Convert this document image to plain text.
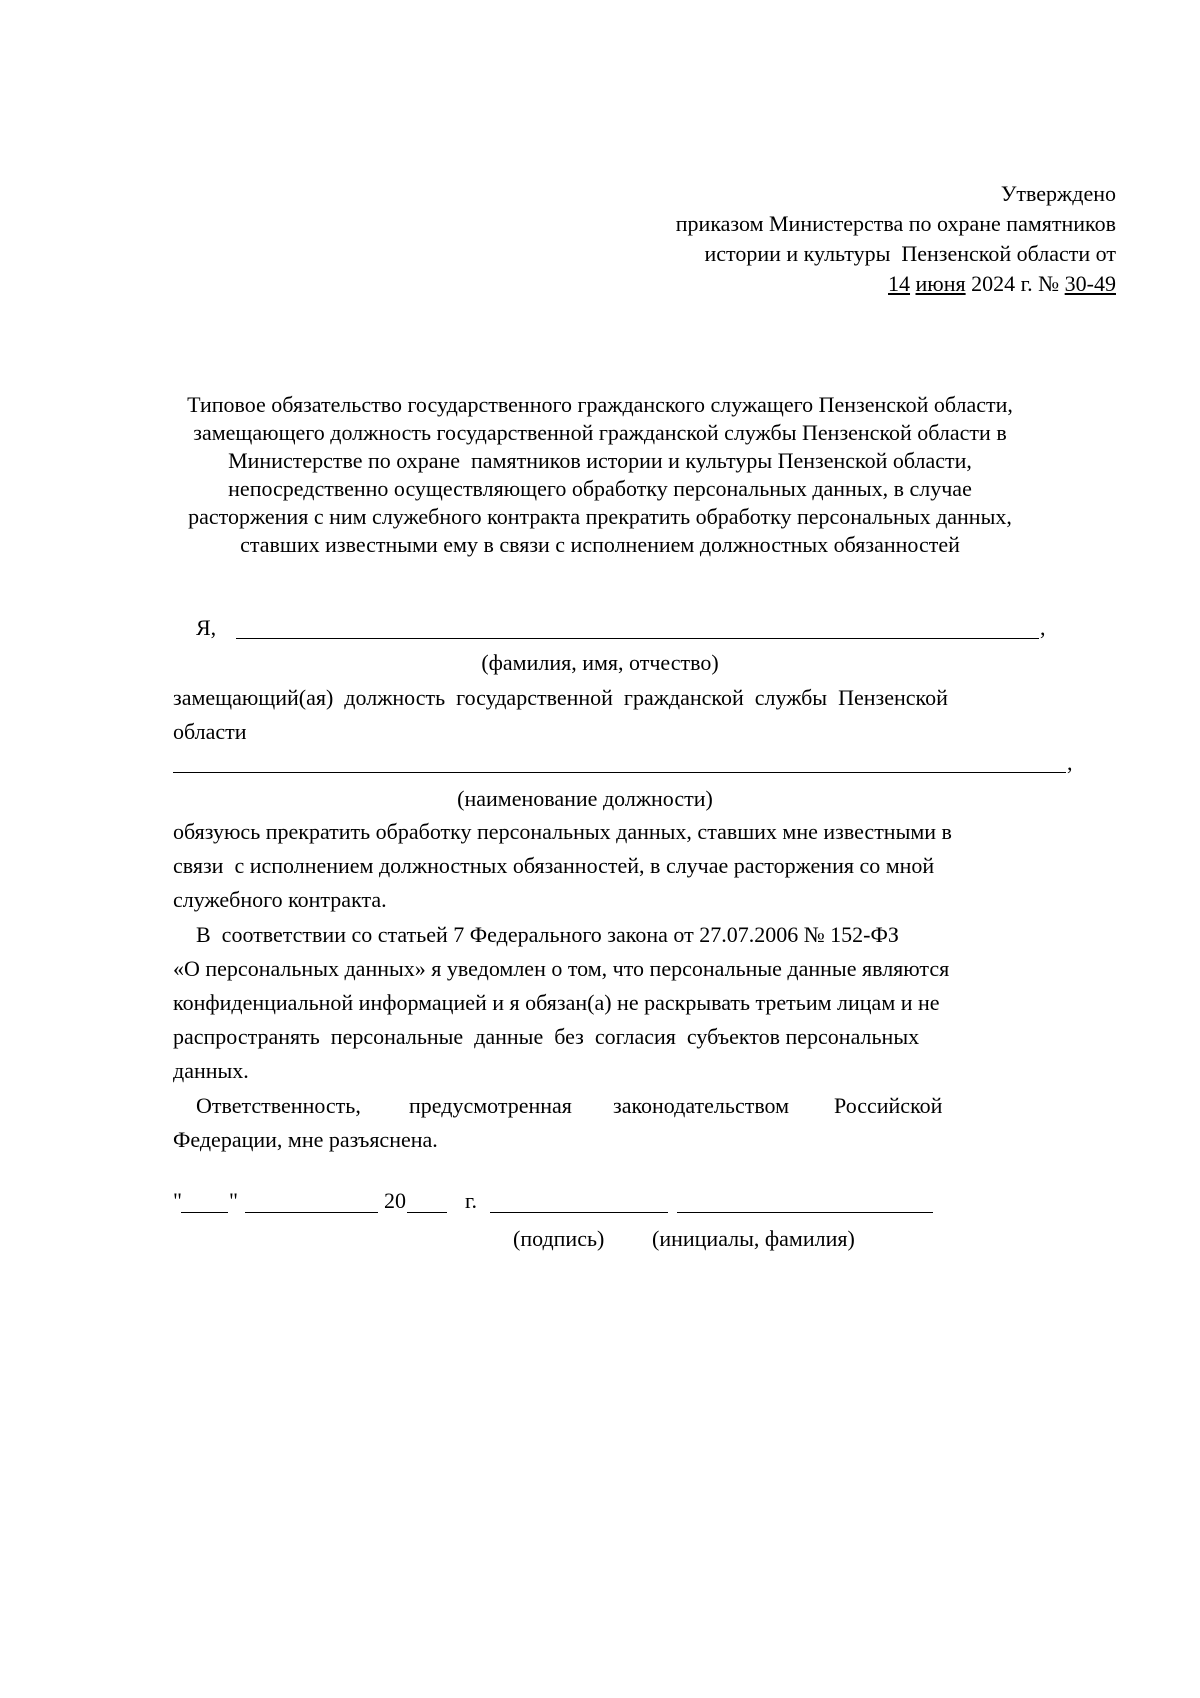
Утверждено
приказом Министерства по охране памятников
истории и культуры  Пензенской области от
14 июня 2024 г. № 30-49
Типовое обязательство государственного гражданского служащего Пензенской области,
замещающего должность государственной гражданской службы Пензенской области в
Министерстве по охране  памятников истории и культуры Пензенской области,
непосредственно осуществляющего обработку персональных данных, в случае
расторжения с ним служебного контракта прекратить обработку персональных данных,
ставших известными ему в связи с исполнением должностных обязанностей
Я,	,
(фамилия, имя, отчество)
замещающий(ая)  должность  государственной  гражданской  службы  Пензенской
области
,
(наименование должности)
обязуюсь прекратить обработку персональных данных, ставших мне известными в
связи  с исполнением должностных обязанностей, в случае расторжения со мной
служебного контракта.
В  соответствии со статьей 7 Федерального закона от 27.07.2006 № 152-ФЗ
«О персональных данных» я уведомлен о том, что персональные данные являются
конфиденциальной информацией и я обязан(а) не раскрывать третьим лицам и не
распространять  персональные  данные  без  согласия  субъектов персональных
данных.
Ответственность, предусмотренная законодательством Российской
Федерации, мне разъяснена.
" "	20	г.
(подпись) (инициалы, фамилия)
